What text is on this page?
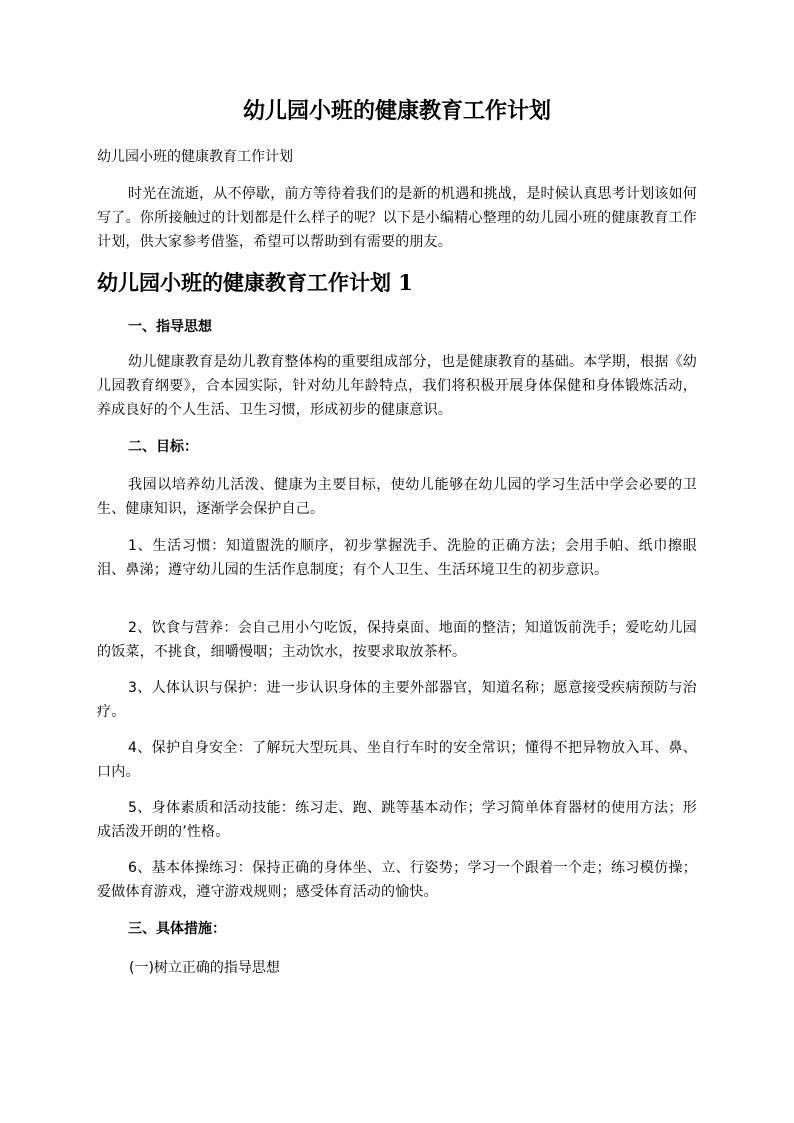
幼儿园小班的健康教育工作计划

幼儿园小班的健康教育工作计划

时光在流逝，从不停歇，前方等待着我们的是新的机遇和挑战，是时候认真思考计划该如何写了。你所接触过的计划都是什么样子的呢？以下是小编精心整理的幼儿园小班的健康教育工作计划，供大家参考借鉴，希望可以帮助到有需要的朋友。

幼儿园小班的健康教育工作计划 1
一、指导思想

幼儿健康教育是幼儿教育整体构的重要组成部分，也是健康教育的基础。本学期，根据《幼儿园教育纲要》，合本园实际，针对幼儿年龄特点，我们将积极开展身体保健和身体锻炼活动，养成良好的个人生活、卫生习惯，形成初步的健康意识。

二、目标：

我园以培养幼儿活泼、健康为主要目标，使幼儿能够在幼儿园的学习生活中学会必要的卫生、健康知识，逐渐学会保护自己。

1、生活习惯：知道盥洗的顺序，初步掌握洗手、洗脸的正确方法；会用手帕、纸巾擦眼泪、鼻涕；遵守幼儿园的生活作息制度；有个人卫生、生活环境卫生的初步意识。

2、饮食与营养：会自己用小勺吃饭，保持桌面、地面的整洁；知道饭前洗手；爱吃幼儿园的饭菜，不挑食，细嚼慢咽；主动饮水，按要求取放茶杯。

3、人体认识与保护：进一步认识身体的主要外部器官，知道名称；愿意接受疾病预防与治疗。

4、保护自身安全：了解玩大型玩具、坐自行车时的安全常识；懂得不把异物放入耳、鼻、口内。

5、身体素质和活动技能：练习走、跑、跳等基本动作；学习简单体育器材的使用方法；形成活泼开朗的’性格。

6、基本体操练习：保持正确的身体坐、立、行姿势；学习一个跟着一个走；练习模仿操；爱做体育游戏，遵守游戏规则；感受体育活动的愉快。

三、具体措施：

(一)树立正确的指导思想
